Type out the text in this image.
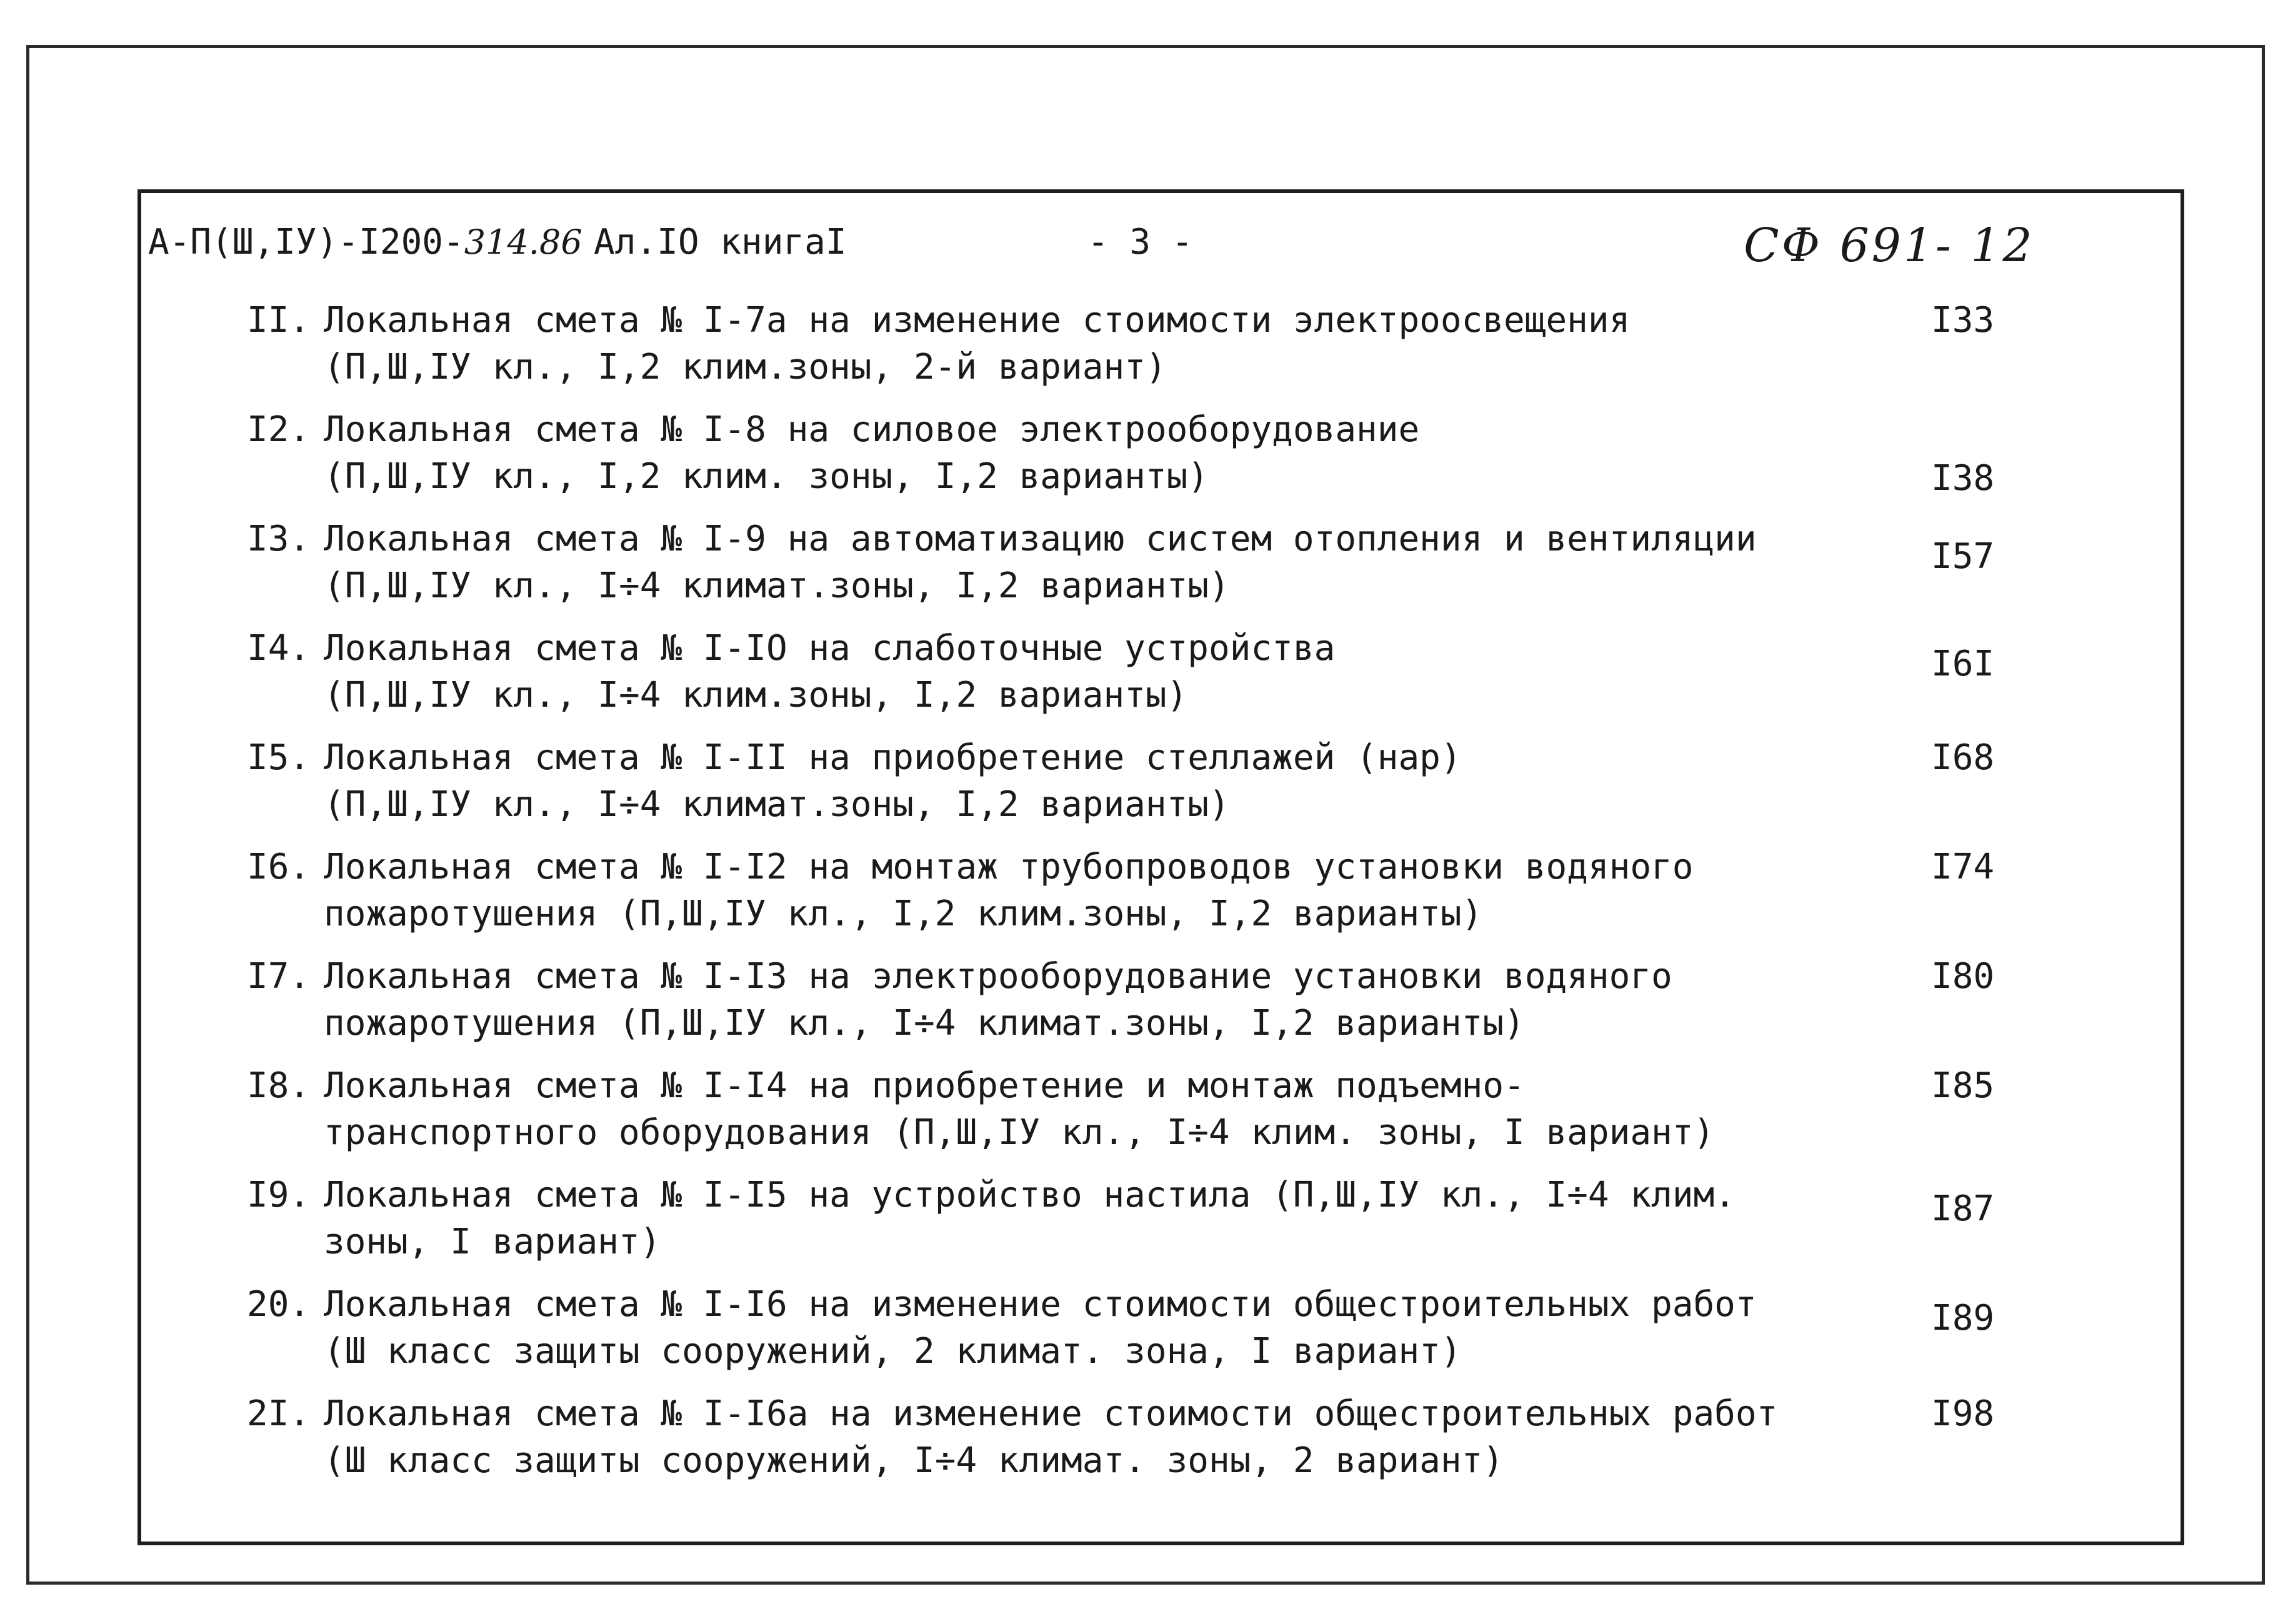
А-П(Ш,IУ)-I200-314.86 Ал.IО книгаI	- 3 -	СФ 691- 12
II. Локальная смета № I-7а на изменение стоимости электроосвещения
(П,Ш,IУ кл., I,2 клим.зоны, 2-й вариант)
I33
I2. Локальная смета № I-8 на силовое электрооборудование
(П,Ш,IУ кл., I,2 клим. зоны, I,2 варианты)	I38
I3. Локальная смета № I-9 на автоматизацию систем отопления и вентиляции
(П,Ш,IУ кл., I÷4 климат.зоны, I,2 варианты)
I57
I4. Локальная смета № I-IО на слаботочные устройства
(П,Ш,IУ кл., I÷4 клим.зоны, I,2 варианты)
I6I
I5. Локальная смета № I-II на приобретение стеллажей (нар)
(П,Ш,IУ кл., I÷4 климат.зоны, I,2 варианты)
I68
I6. Локальная смета № I-I2 на монтаж трубопроводов установки водяного
пожаротушения (П,Ш,IУ кл., I,2 клим.зоны, I,2 варианты)
I74
I7. Локальная смета № I-I3 на электрооборудование установки водяного
пожаротушения (П,Ш,IУ кл., I÷4 климат.зоны, I,2 варианты)
I80
I8. Локальная смета № I-I4 на приобретение и монтаж подъемно-
транспортного оборудования (П,Ш,IУ кл., I÷4 клим. зоны, I вариант)
I85
I9. Локальная смета № I-I5 на устройство настила (П,Ш,IУ кл., I÷4 клим.
зоны, I вариант)
I87
20. Локальная смета № I-I6 на изменение стоимости общестроительных работ
(Ш класс защиты сооружений, 2 климат. зона, I вариант)
I89
2I. Локальная смета № I-I6а на изменение стоимости общестроительных работ
(Ш класс защиты сооружений, I÷4 климат. зоны, 2 вариант)
I98
